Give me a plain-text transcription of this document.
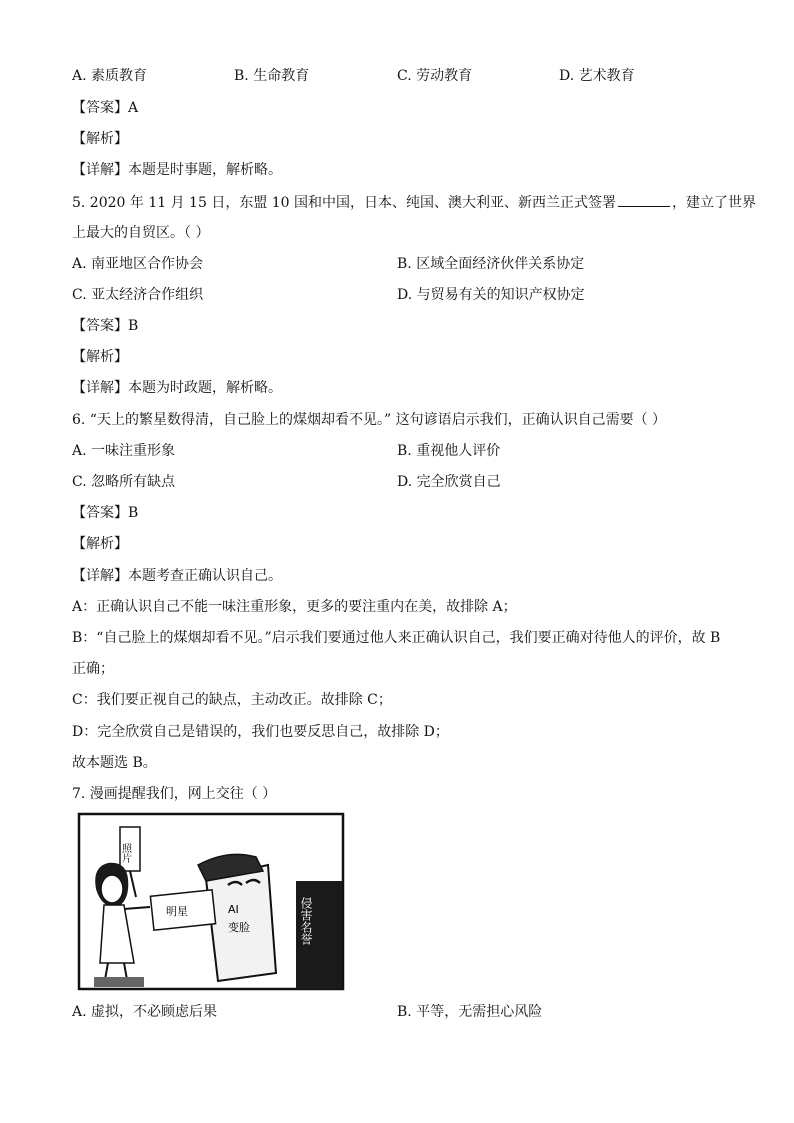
A. 素质教育	B. 生命教育	C. 劳动教育	D. 艺术教育
【答案】A
【解析】
【详解】本题是时事题，解析略。
5. 2020 年 11 月 15 日，东盟 10 国和中国，日本、纯国、澳大利亚、新西兰正式签署	，建立了世界
上最大的自贸区。（ ）
A. 南亚地区合作协会	B. 区域全面经济伙伴关系协定
C. 亚太经济合作组织	D. 与贸易有关的知识产权协定
【答案】B
【解析】
【详解】本题为时政题，解析略。
6. “天上的繁星数得清，自己脸上的煤烟却看不见。” 这句谚语启示我们，正确认识自己需要（ ）
A. 一味注重形象	B. 重视他人评价
C. 忽略所有缺点	D. 完全欣赏自己
【答案】B
【解析】
【详解】本题考查正确认识自己。
A：正确认识自己不能一味注重形象，更多的要注重内在美，故排除 A；
B：“自己脸上的煤烟却看不见。”启示我们要通过他人来正确认识自己，我们要正确对待他人的评价，故 B
正确；
C：我们要正视自己的缺点，主动改正。故排除 C；
D：完全欣赏自己是错误的，我们也要反思自己，故排除 D；
故本题选 B。
7. 漫画提醒我们，网上交往（ ）
盗窃账户
侵害名誉
AI
变脸
明星
照片
A. 虚拟，不必顾虑后果	B. 平等，无需担心风险
